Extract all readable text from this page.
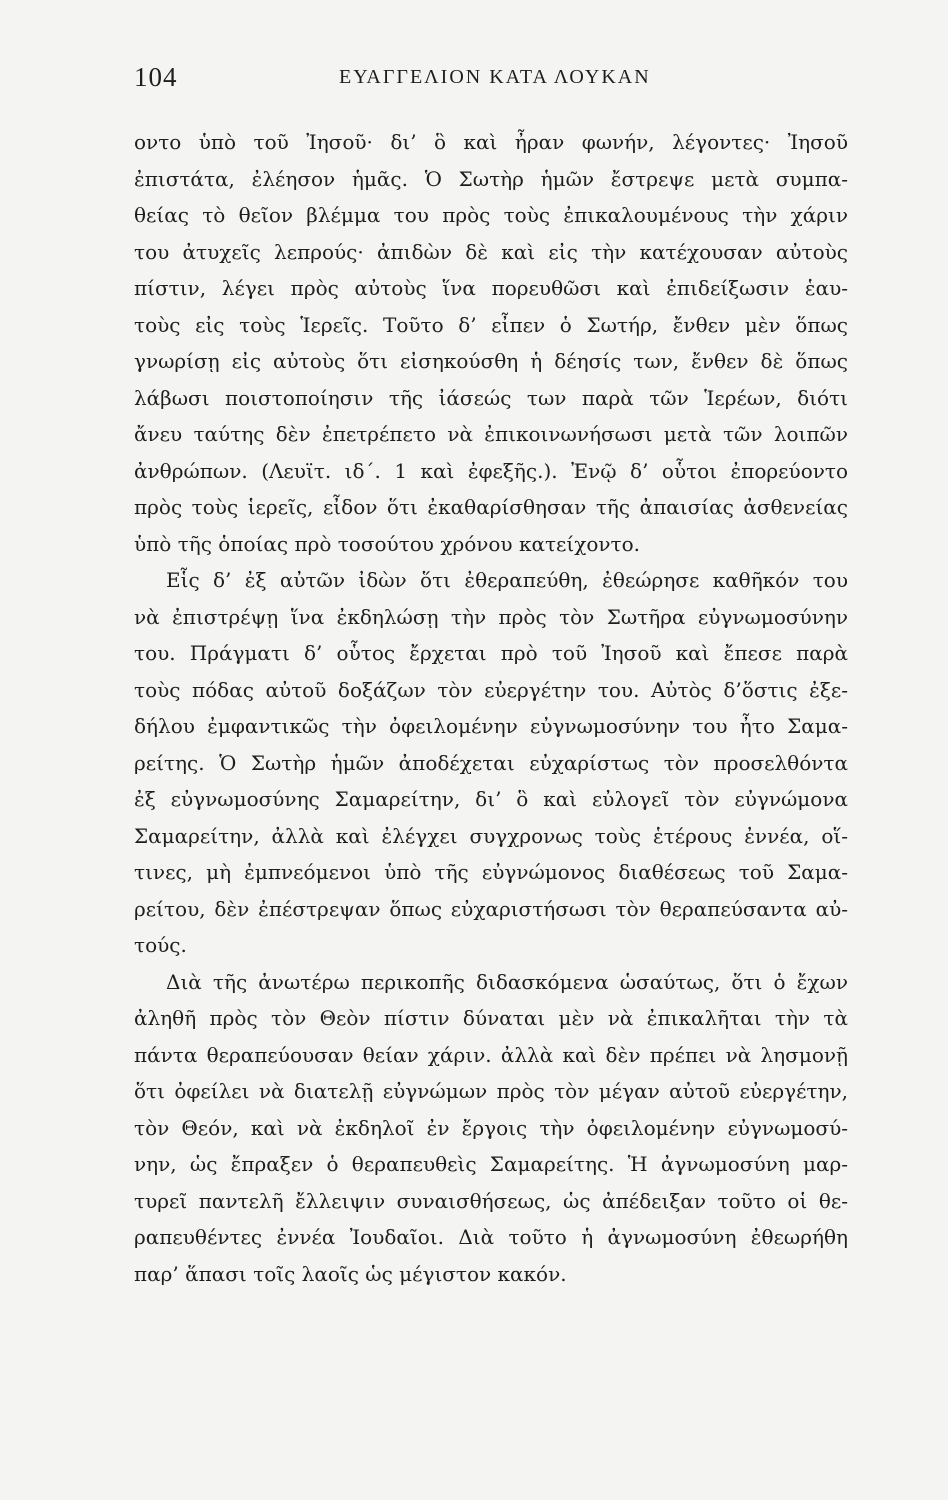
104	ΕΥΑΓΓΕΛΙΟΝ ΚΑΤΑ ΛΟΥΚΑΝ
οντο ὑπὸ τοῦ Ἰησοῦ· δι’ ὃ καὶ ἦραν φωνήν, λέγοντες· Ἰησοῦ
ἐπιστάτα, ἐλέησον ἡμᾶς. Ὁ Σωτὴρ ἡμῶν ἔστρεψε μετὰ συμπα-
θείας τὸ θεῖον βλέμμα του πρὸς τοὺς ἐπικαλουμένους τὴν χάριν
του ἀτυχεῖς λεπρούς· ἀπιδὼν δὲ καὶ εἰς τὴν κατέχουσαν αὐτοὺς
πίστιν, λέγει πρὸς αὐτοὺς ἵνα πορευθῶσι καὶ ἐπιδείξωσιν ἑαυ-
τοὺς εἰς τοὺς Ἱερεῖς. Τοῦτο δ’ εἶπεν ὁ Σωτήρ, ἔνθεν μὲν ὅπως
γνωρίσῃ εἰς αὐτοὺς ὅτι εἰσηκούσθη ἡ δέησίς των, ἔνθεν δὲ ὅπως
λάβωσι ποιστοποίησιν τῆς ἰάσεώς των παρὰ τῶν Ἱερέων, διότι
ἄνευ ταύτης δὲν ἐπετρέπετο νὰ ἐπικοινωνήσωσι μετὰ τῶν λοιπῶν
ἀνθρώπων. (Λευϊτ. ιδ΄. 1 καὶ ἐφεξῆς.). Ἐνῷ δ’ οὗτοι ἐπορεύοντο
πρὸς τοὺς ἱερεῖς, εἶδον ὅτι ἐκαθαρίσθησαν τῆς ἀπαισίας ἀσθενείας
ὑπὸ τῆς ὁποίας πρὸ τοσούτου χρόνου κατείχοντο.
Εἷς δ’ ἐξ αὐτῶν ἰδὼν ὅτι ἐθεραπεύθη, ἐθεώρησε καθῆκόν του
νὰ ἐπιστρέψῃ ἵνα ἐκδηλώσῃ τὴν πρὸς τὸν Σωτῆρα εὐγνωμοσύνην
του. Πράγματι δ’ οὗτος ἔρχεται πρὸ τοῦ Ἰησοῦ καὶ ἔπεσε παρὰ
τοὺς πόδας αὐτοῦ δοξάζων τὸν εὐεργέτην του. Αὐτὸς δ’ὅστις ἐξε-
δήλου ἐμφαντικῶς τὴν ὀφειλομένην εὐγνωμοσύνην του ἦτο Σαμα-
ρείτης. Ὁ Σωτὴρ ἡμῶν ἀποδέχεται εὐχαρίστως τὸν προσελθόντα
ἐξ εὐγνωμοσύνης Σαμαρείτην, δι’ ὃ καὶ εὐλογεῖ τὸν εὐγνώμονα
Σαμαρείτην, ἀλλὰ καὶ ἐλέγχει συγχρονως τοὺς ἑτέρους ἐννέα, οἵ-
τινες, μὴ ἐμπνεόμενοι ὑπὸ τῆς εὐγνώμονος διαθέσεως τοῦ Σαμα-
ρείτου, δὲν ἐπέστρεψαν ὅπως εὐχαριστήσωσι τὸν θεραπεύσαντα αὐ-
τούς.
Διὰ τῆς ἀνωτέρω περικοπῆς διδασκόμενα ὡσαύτως, ὅτι ὁ ἔχων
ἀληθῆ πρὸς τὸν Θεὸν πίστιν δύναται μὲν νὰ ἐπικαλῆται τὴν τὰ
πάντα θεραπεύουσαν θείαν χάριν. ἀλλὰ καὶ δὲν πρέπει νὰ λησμονῇ
ὅτι ὀφείλει νὰ διατελῇ εὐγνώμων πρὸς τὸν μέγαν αὐτοῦ εὐεργέτην,
τὸν Θεόν, καὶ νὰ ἐκδηλοῖ ἐν ἔργοις τὴν ὀφειλομένην εὐγνωμοσύ-
νην, ὡς ἔπραξεν ὁ θεραπευθεὶς Σαμαρείτης. Ἡ ἀγνωμοσύνη μαρ-
τυρεῖ παντελῆ ἔλλειψιν συναισθήσεως, ὡς ἀπέδειξαν τοῦτο οἱ θε-
ραπευθέντες ἐννέα Ἰουδαῖοι. Διὰ τοῦτο ἡ ἀγνωμοσύνη ἐθεωρήθη
παρ’ ἅπασι τοῖς λαοῖς ὡς μέγιστον κακόν.
